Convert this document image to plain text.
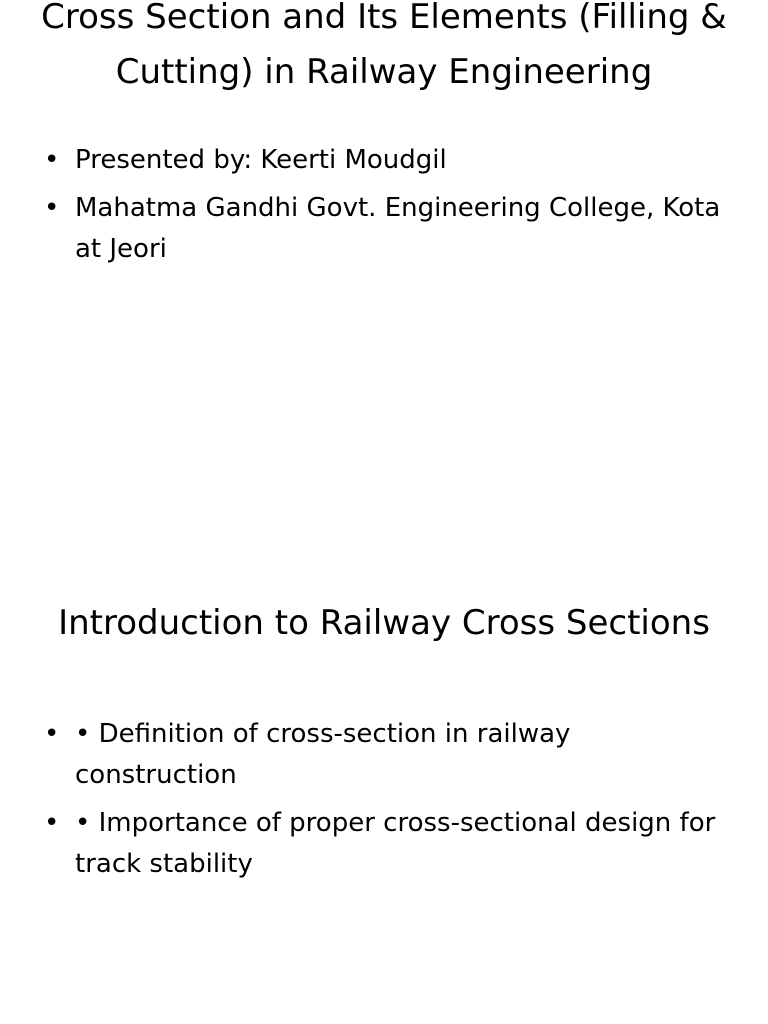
Cross Section and Its Elements (Filling & Cutting) in Railway Engineering
• Presented by: Keerti Moudgil
• Mahatma Gandhi Govt. Engineering College, Kota at Jeori
Introduction to Railway Cross Sections
• • Definition of cross-section in railway construction
• • Importance of proper cross-sectional design for track stability
